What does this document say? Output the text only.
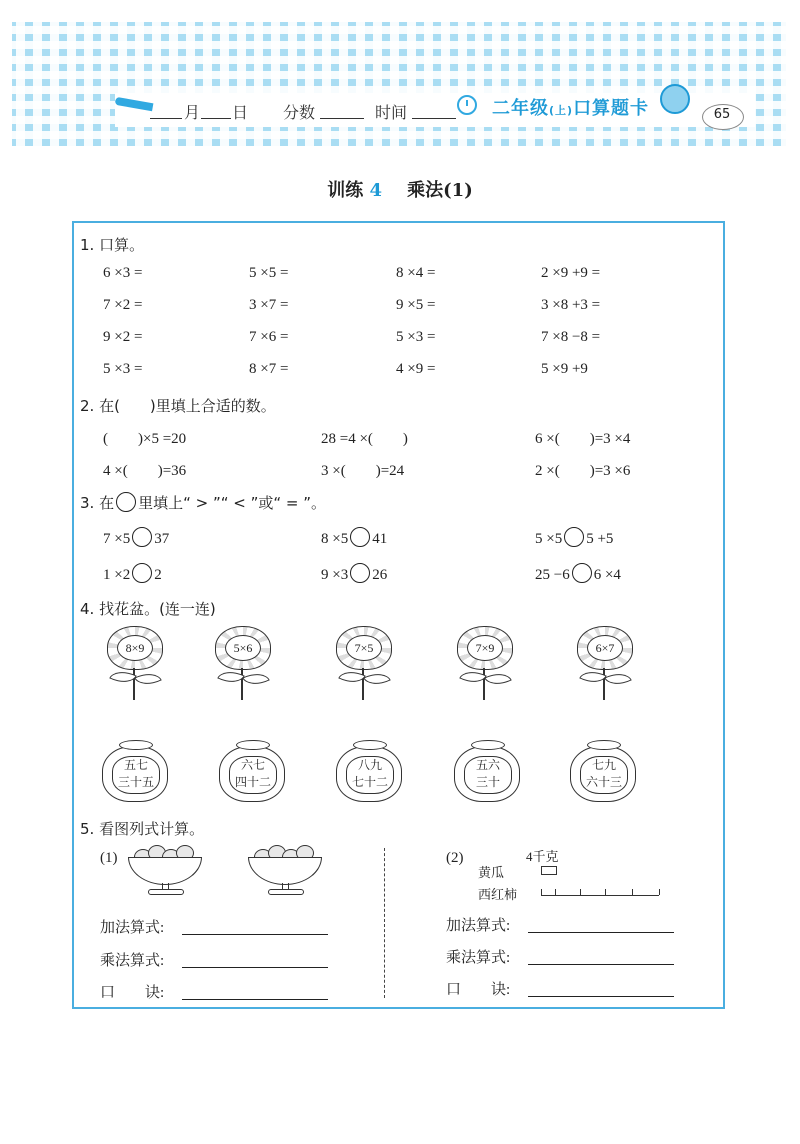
月 日 分数	时间	二年级(上)口算题卡	65
训练 4 乘法(1)
1. 口算。
6 ×3 =	5 ×5 =	8 ×4 =	2 ×9 +9 =
7 ×2 =	3 ×7 =	9 ×5 =	3 ×8 +3 =
9 ×2 =	7 ×6 =	5 ×3 =	7 ×8 −8 =
5 ×3 =	8 ×7 =	4 ×9 =	5 ×9 +9
2. 在(　　)里填上合适的数。
(　　)×5 =20	28 =4 ×(　　)	6 ×(　　)=3 ×4
4 ×(　　)=36	3 ×(　　)=24	2 ×(　　)=3 ×6
3. 在 里填上“ > ”“ < ”或“ = ”。
7 ×5 37	8 ×5 41	5 ×5 5 +5
1 ×2 2	9 ×3 26	25 −6 6 ×4
4. 找花盆。(连一连)
8×9	5×6	7×5	7×9	6×7
五七
三十五
六七
四十二
八九
七十二
五六
三十
七九
六十三
5. 看图列式计算。
(1)	(2)	4千克
黄瓜
西红柿
加法算式:
乘法算式:
口　　诀:
加法算式:
乘法算式:
口　　诀:
